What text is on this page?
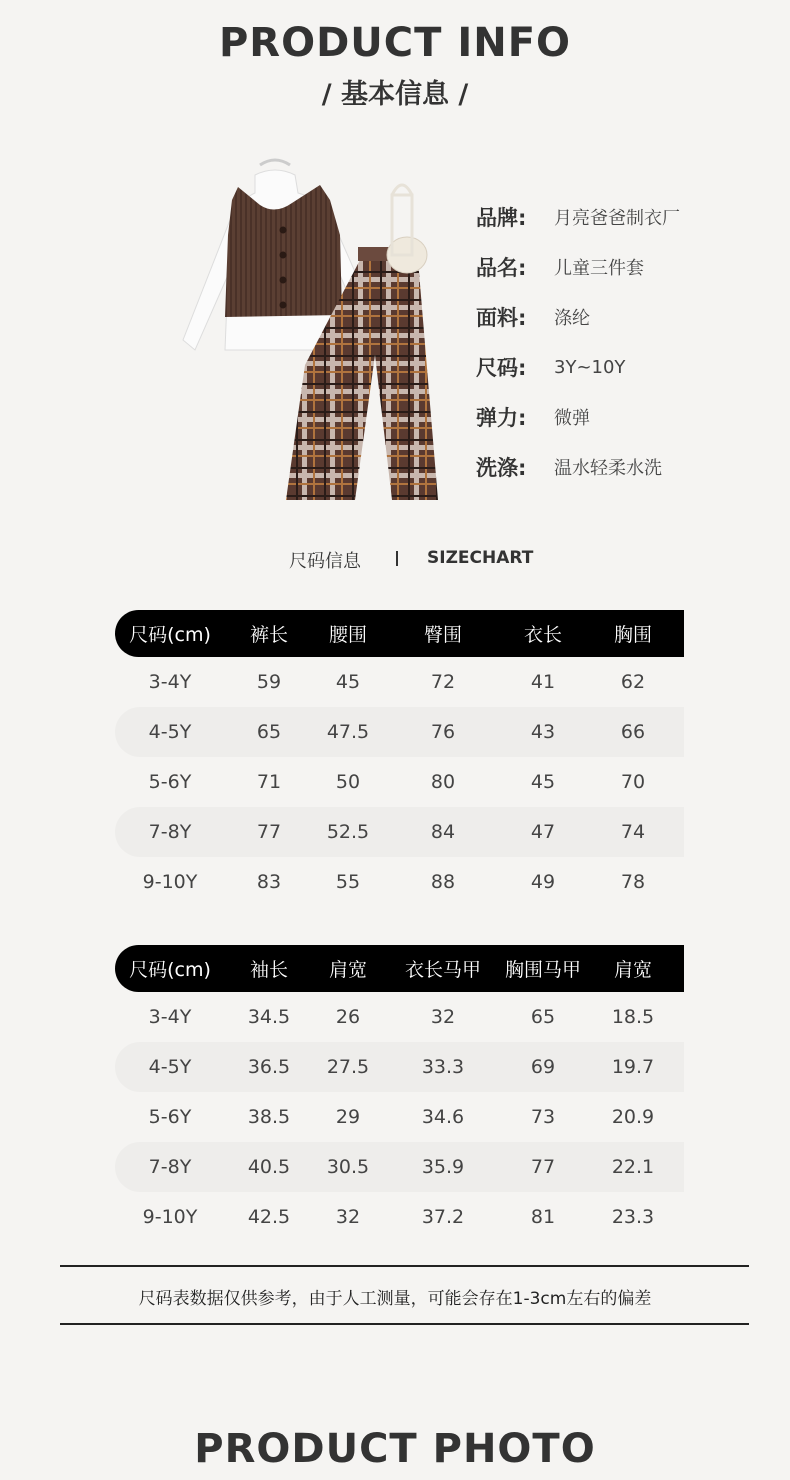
PRODUCT INFO
/ 基本信息 /
品牌:	月亮爸爸制衣厂
品名:	儿童三件套
面料:	涤纶
尺码:	3Y~10Y
弹力:	微弹
洗涤:	温水轻柔水洗
尺码信息	SIZECHART
尺码(cm)	裤长	腰围	臀围	衣长	胸围
3-4Y	59	45	72	41	62
4-5Y	65	47.5	76	43	66
5-6Y	71	50	80	45	70
7-8Y	77	52.5	84	47	74
9-10Y	83	55	88	49	78
尺码(cm)	袖长	肩宽	衣长马甲	胸围马甲	肩宽
3-4Y	34.5	26	32	65	18.5
4-5Y	36.5	27.5	33.3	69	19.7
5-6Y	38.5	29	34.6	73	20.9
7-8Y	40.5	30.5	35.9	77	22.1
9-10Y	42.5	32	37.2	81	23.3
尺码表数据仅供参考，由于人工测量，可能会存在1-3cm左右的偏差
PRODUCT PHOTO
